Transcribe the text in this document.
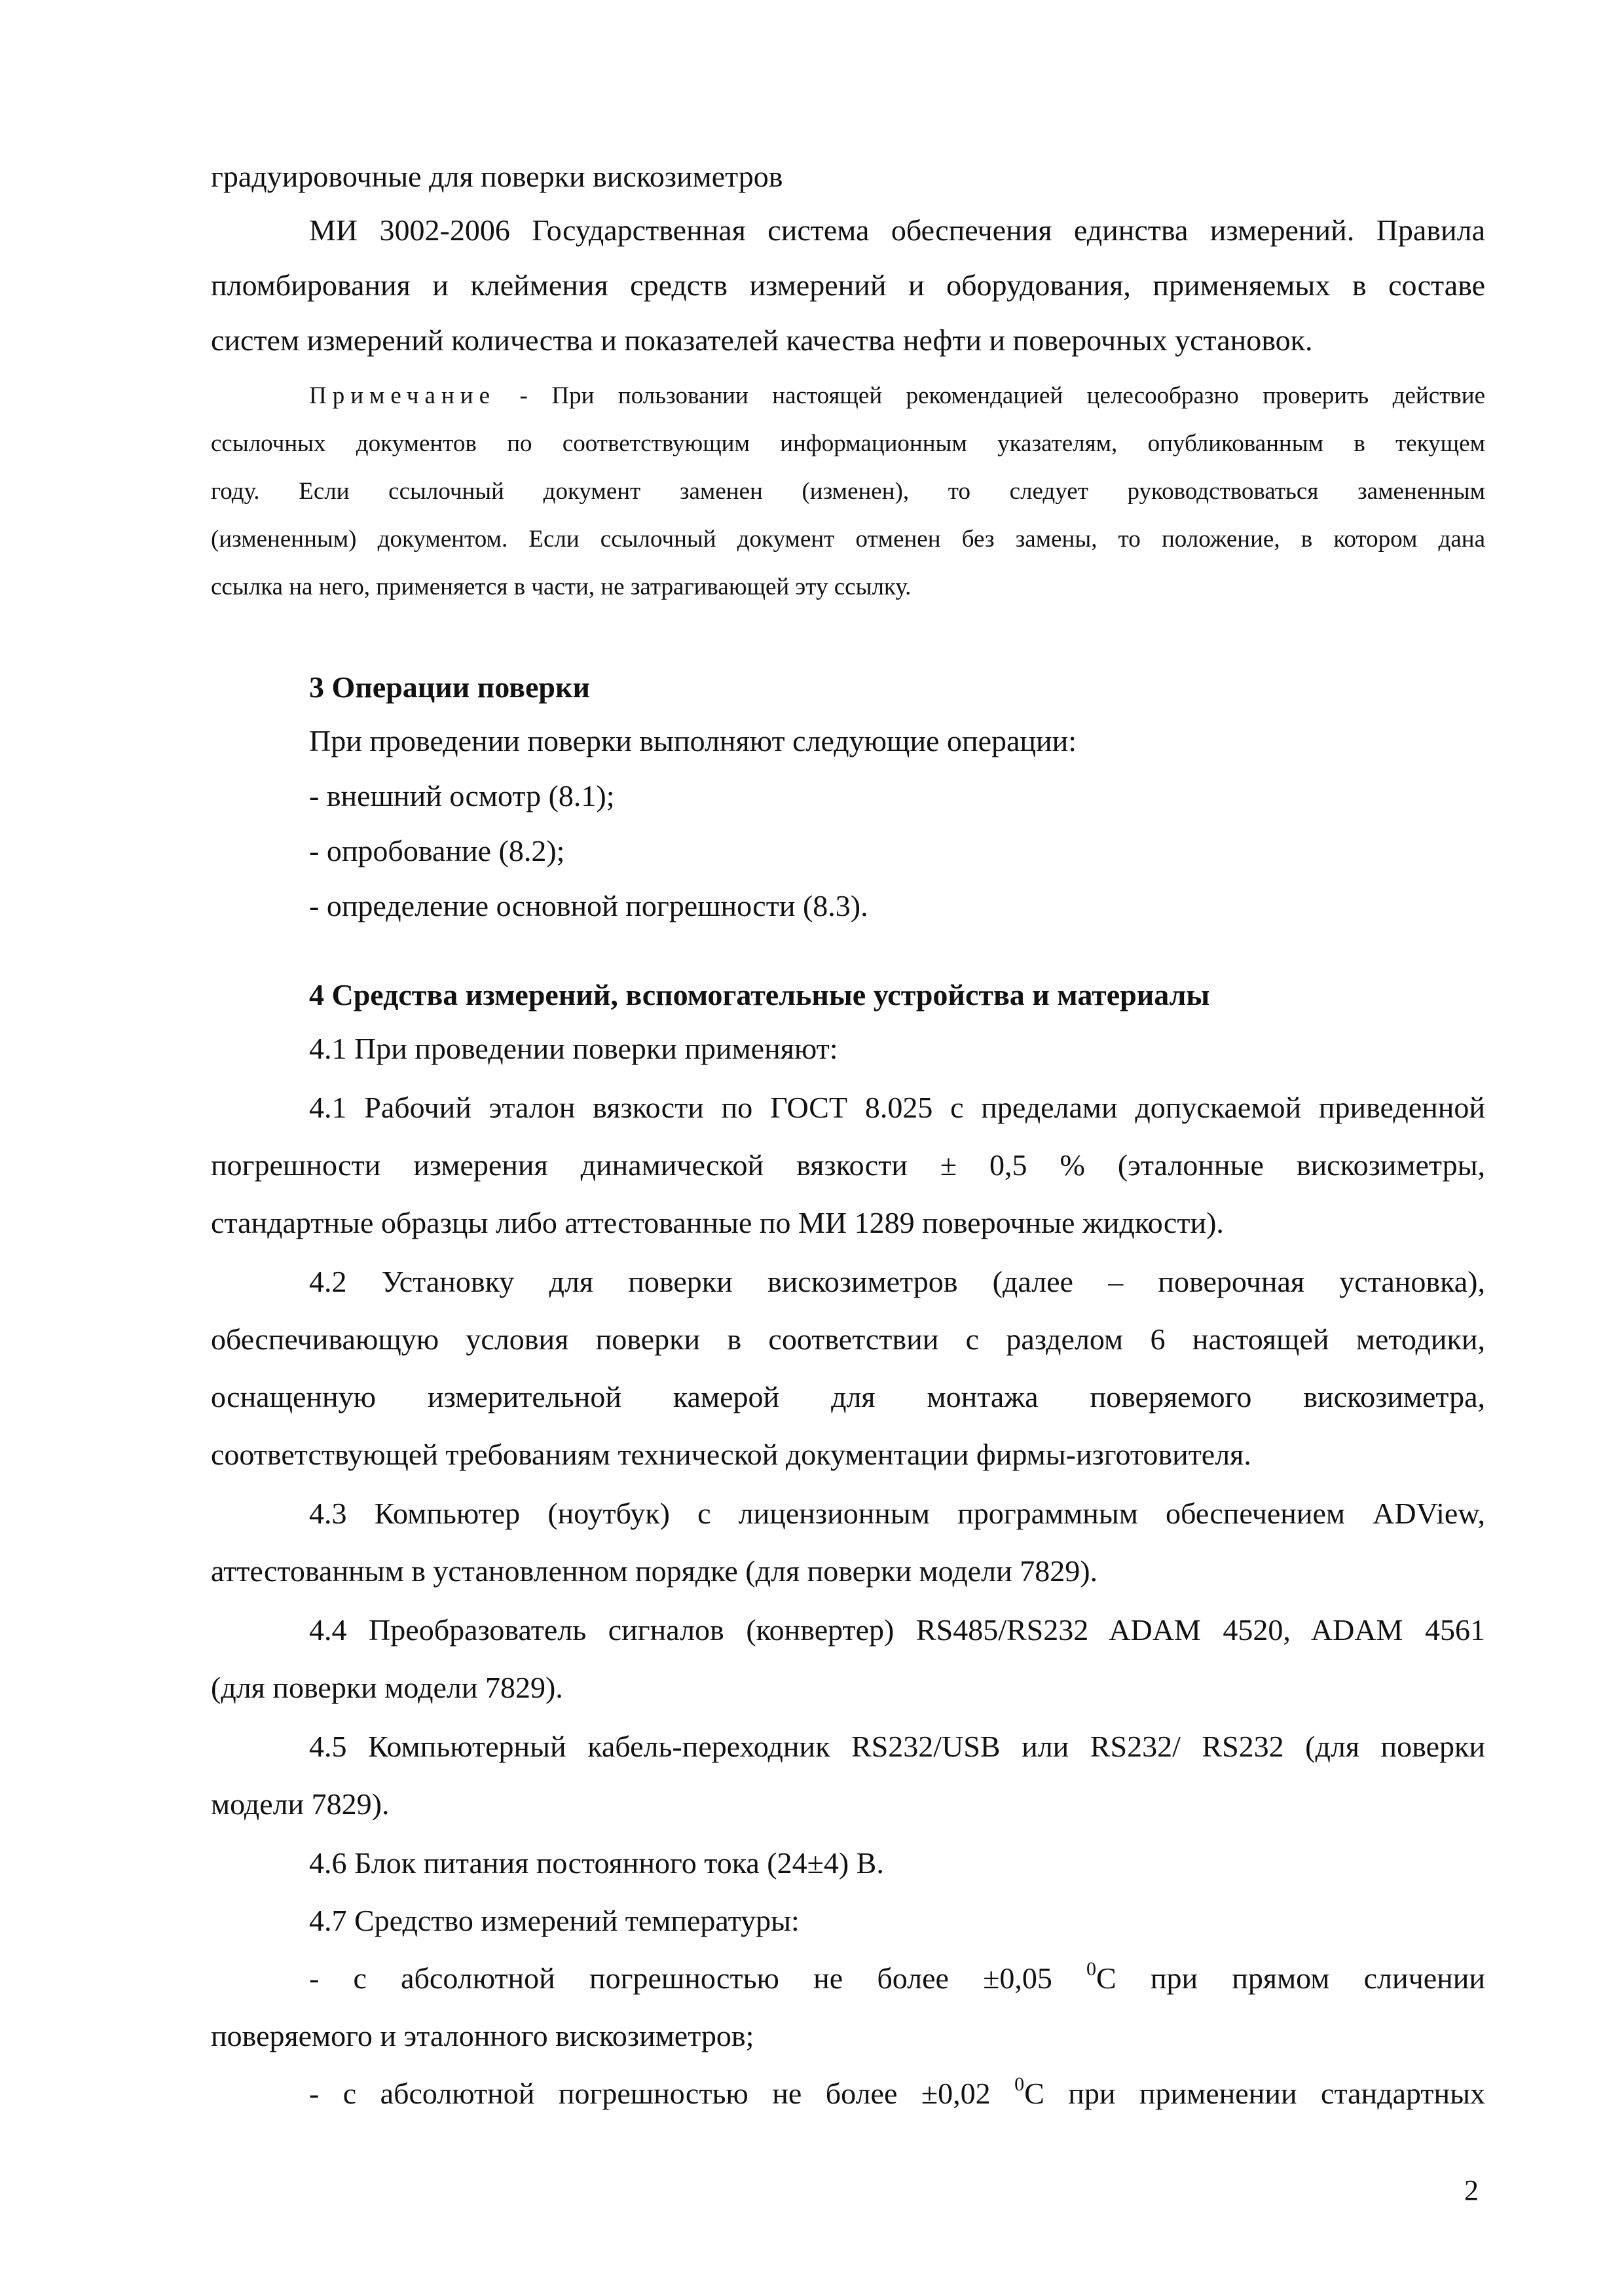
градуировочные для поверки вискозиметров
МИ 3002-2006 Государственная система обеспечения единства измерений. Правила
пломбирования и клеймения средств измерений и оборудования, применяемых в составе
систем измерений количества и показателей качества нефти и поверочных установок.
Примечание - При пользовании настоящей рекомендацией целесообразно проверить действие
ссылочных документов по соответствующим информационным указателям, опубликованным в текущем
году. Если ссылочный документ заменен (изменен), то следует руководствоваться замененным
(измененным) документом. Если ссылочный документ отменен без замены, то положение, в котором дана
ссылка на него, применяется в части, не затрагивающей эту ссылку.
3 Операции поверки
При проведении поверки выполняют следующие операции:
- внешний осмотр (8.1);
- опробование (8.2);
- определение основной погрешности (8.3).
4 Средства измерений, вспомогательные устройства и материалы
4.1 При проведении поверки применяют:
4.1 Рабочий эталон вязкости по ГОСТ 8.025 с пределами допускаемой приведенной
погрешности измерения динамической вязкости ± 0,5 % (эталонные вискозиметры,
стандартные образцы либо аттестованные по МИ 1289 поверочные жидкости).
4.2 Установку для поверки вискозиметров (далее – поверочная установка),
обеспечивающую условия поверки в соответствии с разделом 6 настоящей методики,
оснащенную измерительной камерой для монтажа поверяемого вискозиметра,
соответствующей требованиям технической документации фирмы-изготовителя.
4.3 Компьютер (ноутбук) с лицензионным программным обеспечением ADView,
аттестованным в установленном порядке (для поверки модели 7829).
4.4 Преобразователь сигналов (конвертер) RS485/RS232 ADAM 4520, ADAM 4561
(для поверки модели 7829).
4.5 Компьютерный кабель-переходник RS232/USB или RS232/ RS232 (для поверки
модели 7829).
4.6 Блок питания постоянного тока (24±4) В.
4.7 Средство измерений температуры:
- с абсолютной погрешностью не более ±0,05 $^0$C при прямом сличении
поверяемого и эталонного вискозиметров;
- с абсолютной погрешностью не более ±0,02 $^0$C при применении стандартных
2
